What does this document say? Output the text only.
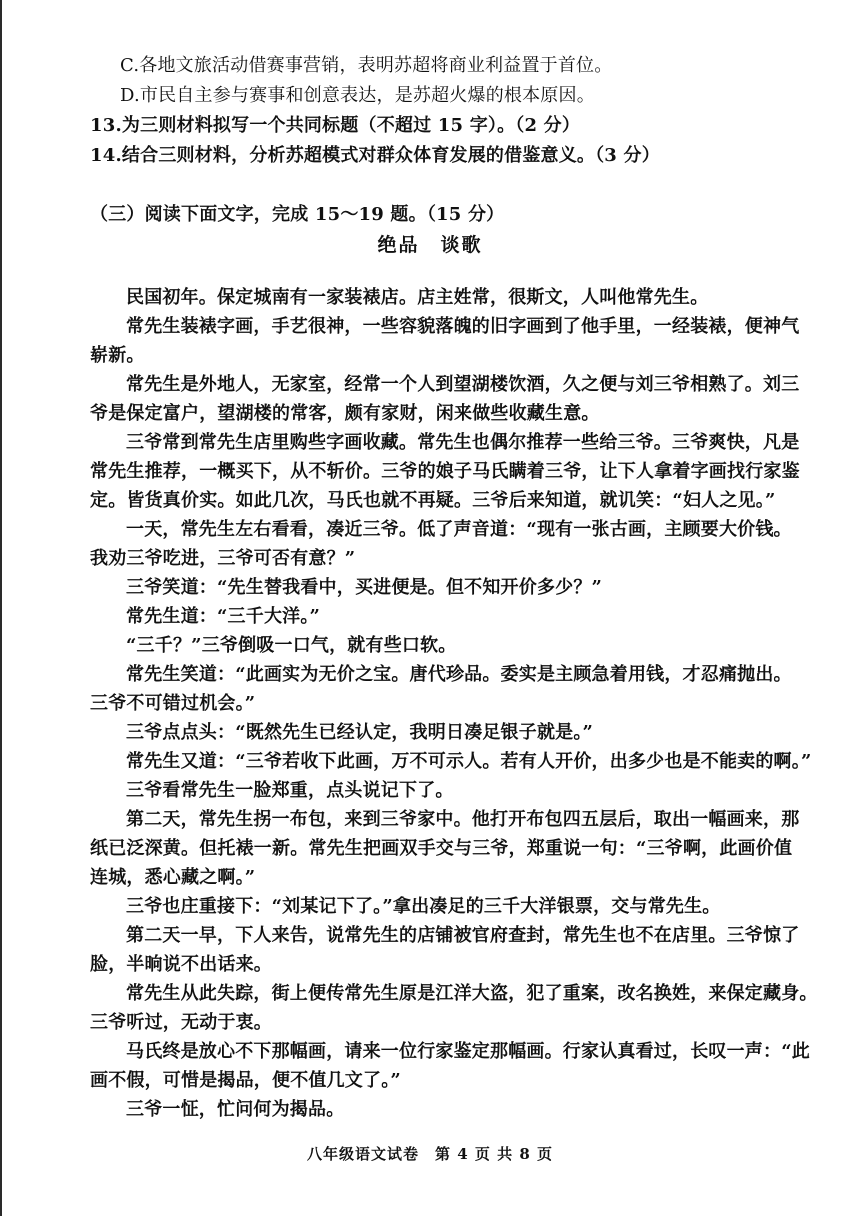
C.各地文旅活动借赛事营销，表明苏超将商业利益置于首位。
D.市民自主参与赛事和创意表达，是苏超火爆的根本原因。
13.为三则材料拟写一个共同标题（不超过 15 字）。（2 分）
14.结合三则材料，分析苏超模式对群众体育发展的借鉴意义。（3 分）
（三）阅读下面文字，完成 15～19 题。（15 分）
绝品　谈歌
民国初年。保定城南有一家装裱店。店主姓常，很斯文，人叫他常先生。
常先生装裱字画，手艺很神，一些容貌落魄的旧字画到了他手里，一经装裱，便神气
崭新。
常先生是外地人，无家室，经常一个人到望湖楼饮酒，久之便与刘三爷相熟了。刘三
爷是保定富户，望湖楼的常客，颇有家财，闲来做些收藏生意。
三爷常到常先生店里购些字画收藏。常先生也偶尔推荐一些给三爷。三爷爽快，凡是
常先生推荐，一概买下，从不斩价。三爷的娘子马氏瞒着三爷，让下人拿着字画找行家鉴
定。皆货真价实。如此几次，马氏也就不再疑。三爷后来知道，就讥笑：“妇人之见。”
一天，常先生左右看看，凑近三爷。低了声音道：“现有一张古画，主顾要大价钱。
我劝三爷吃进，三爷可否有意？”
三爷笑道：“先生替我看中，买进便是。但不知开价多少？”
常先生道：“三千大洋。”
“三千？”三爷倒吸一口气，就有些口软。
常先生笑道：“此画实为无价之宝。唐代珍品。委实是主顾急着用钱，才忍痛抛出。
三爷不可错过机会。”
三爷点点头：“既然先生已经认定，我明日凑足银子就是。”
常先生又道：“三爷若收下此画，万不可示人。若有人开价，出多少也是不能卖的啊。”
三爷看常先生一脸郑重，点头说记下了。
第二天，常先生拐一布包，来到三爷家中。他打开布包四五层后，取出一幅画来，那
纸已泛深黄。但托裱一新。常先生把画双手交与三爷，郑重说一句：“三爷啊，此画价值
连城，悉心藏之啊。”
三爷也庄重接下：“刘某记下了。”拿出凑足的三千大洋银票，交与常先生。
第二天一早，下人来告，说常先生的店铺被官府查封，常先生也不在店里。三爷惊了
脸，半晌说不出话来。
常先生从此失踪，街上便传常先生原是江洋大盗，犯了重案，改名换姓，来保定藏身。
三爷听过，无动于衷。
马氏终是放心不下那幅画，请来一位行家鉴定那幅画。行家认真看过，长叹一声：“此
画不假，可惜是揭品，便不值几文了。”
三爷一怔，忙问何为揭品。
八年级语文试卷　第 4 页 共 8 页
